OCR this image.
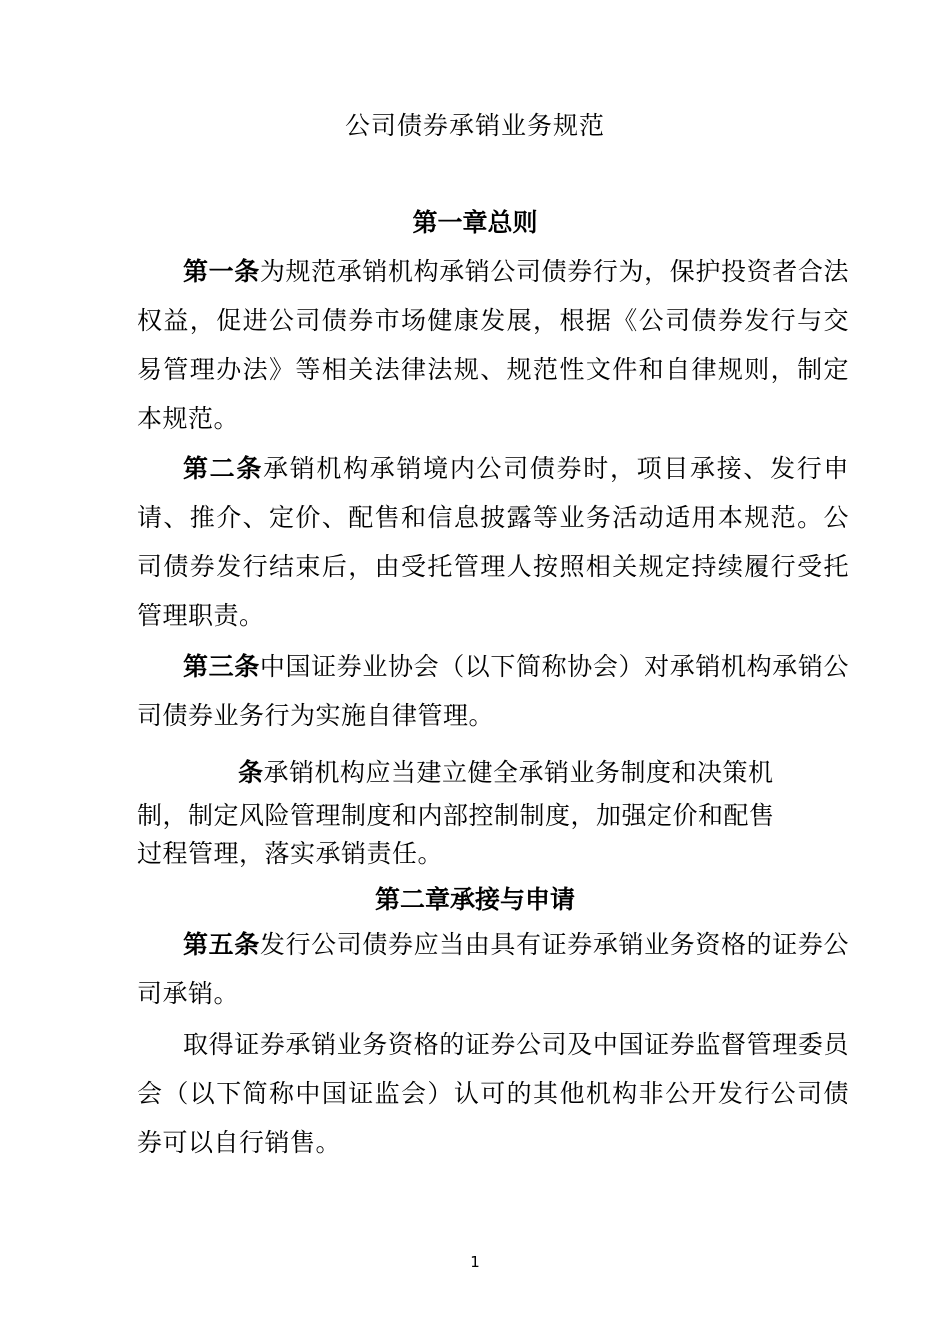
公司债券承销业务规范
第一章总则
第一条为规范承销机构承销公司债券行为，保护投资者合法权益，促进公司债券市场健康发展，根据《公司债券发行与交易管理办法》等相关法律法规、规范性文件和自律规则，制定本规范。
第二条承销机构承销境内公司债券时，项目承接、发行申请、推介、定价、配售和信息披露等业务活动适用本规范。公司债券发行结束后，由受托管理人按照相关规定持续履行受托管理职责。
第三条中国证券业协会（以下简称协会）对承销机构承销公司债券业务行为实施自律管理。
条承销机构应当建立健全承销业务制度和决策机
制，制定风险管理制度和内部控制制度，加强定价和配售
过程管理，落实承销责任。
第二章承接与申请
第五条发行公司债券应当由具有证券承销业务资格的证券公司承销。
取得证券承销业务资格的证券公司及中国证券监督管理委员会（以下简称中国证监会）认可的其他机构非公开发行公司债券可以自行销售。
1
